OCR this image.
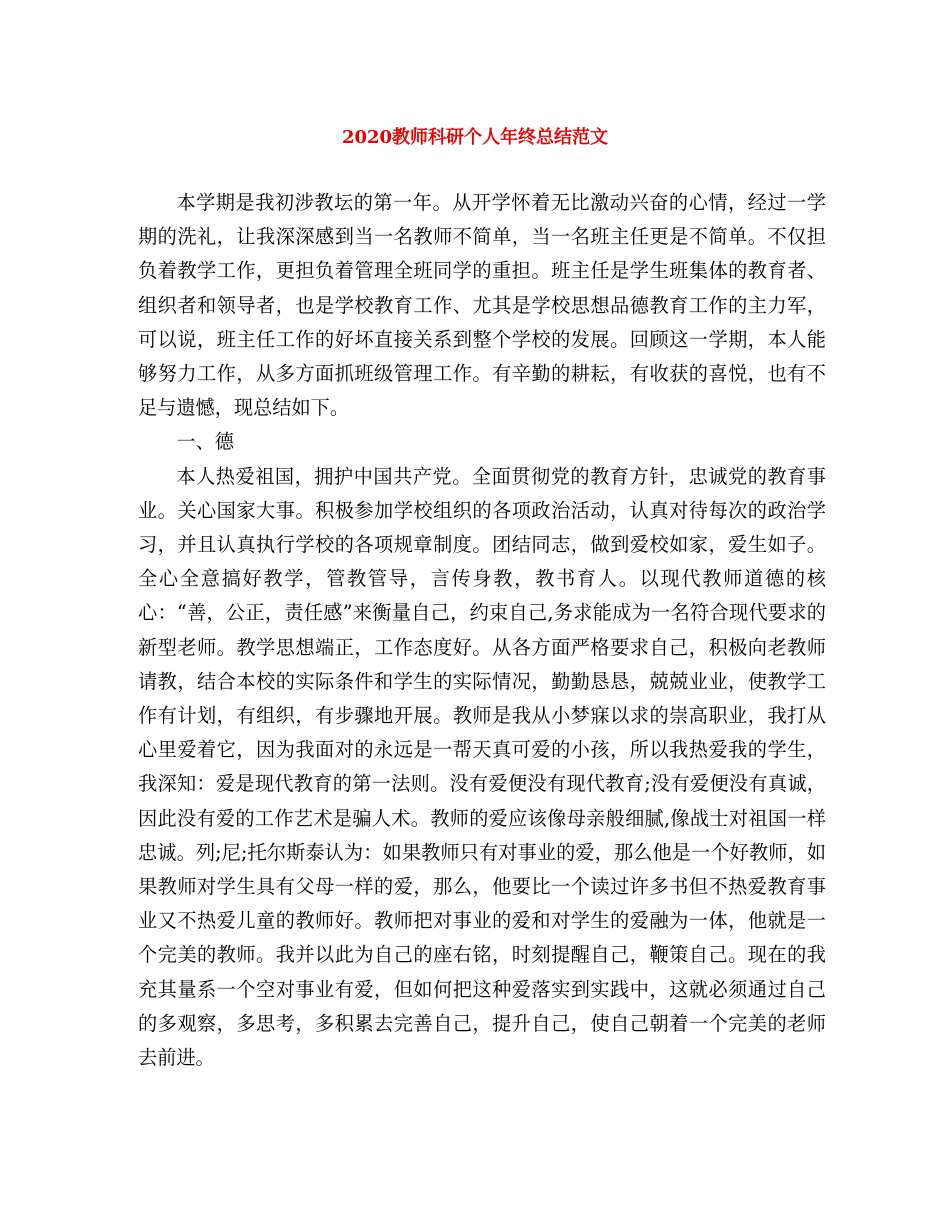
2020教师科研个人年终总结范文

本学期是我初涉教坛的第一年。从开学怀着无比激动兴奋的心情，经过一学期的洗礼，让我深深感到当一名教师不简单，当一名班主任更是不简单。不仅担负着教学工作，更担负着管理全班同学的重担。班主任是学生班集体的教育者、组织者和领导者，也是学校教育工作、尤其是学校思想品德教育工作的主力军，可以说，班主任工作的好坏直接关系到整个学校的发展。回顾这一学期，本人能够努力工作，从多方面抓班级管理工作。有辛勤的耕耘，有收获的喜悦，也有不足与遗憾，现总结如下。

一、德

本人热爱祖国，拥护中国共产党。全面贯彻党的教育方针，忠诚党的教育事业。关心国家大事。积极参加学校组织的各项政治活动，认真对待每次的政治学习，并且认真执行学校的各项规章制度。团结同志，做到爱校如家，爱生如子。全心全意搞好教学，管教管导，言传身教，教书育人。以现代教师道德的核心：“善，公正，责任感”来衡量自己，约束自己,务求能成为一名符合现代要求的新型老师。教学思想端正，工作态度好。从各方面严格要求自己，积极向老教师请教，结合本校的实际条件和学生的实际情况，勤勤恳恳，兢兢业业，使教学工作有计划，有组织，有步骤地开展。教师是我从小梦寐以求的崇高职业，我打从心里爱着它，因为我面对的永远是一帮天真可爱的小孩，所以我热爱我的学生，我深知：爱是现代教育的第一法则。没有爱便没有现代教育;没有爱便没有真诚，因此没有爱的工作艺术是骗人术。教师的爱应该像母亲般细腻,像战士对祖国一样忠诚。列;尼;托尔斯泰认为：如果教师只有对事业的爱，那么他是一个好教师，如果教师对学生具有父母一样的爱，那么，他要比一个读过许多书但不热爱教育事业又不热爱儿童的教师好。教师把对事业的爱和对学生的爱融为一体，他就是一个完美的教师。我并以此为自己的座右铭，时刻提醒自己，鞭策自己。现在的我充其量系一个空对事业有爱，但如何把这种爱落实到实践中，这就必须通过自己的多观察，多思考，多积累去完善自己，提升自己，使自己朝着一个完美的老师去前进。
